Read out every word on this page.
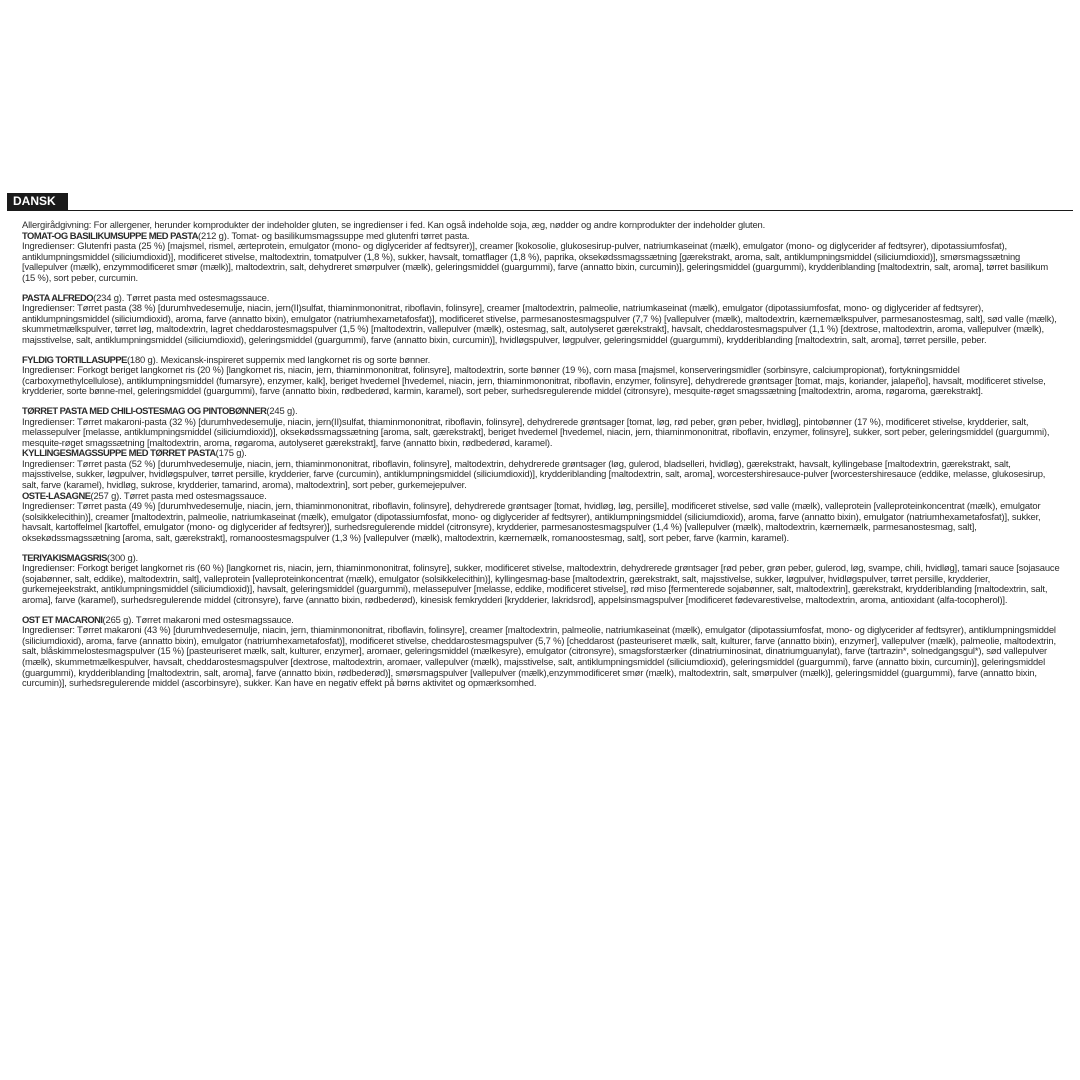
DANSK

Allergirådgivning: For allergener, herunder kornprodukter der indeholder gluten, se ingredienser i fed. Kan også indeholde soja, æg, nødder og andre kornprodukter der indeholder gluten.

TOMAT-OG BASILIKUMSUPPE MED PASTA(212 g). Tomat- og basilikumsmagssuppe med glutenfri tørret pasta.

Ingredienser: Glutenfri pasta (25 %) [majsmel, rismel, ærteprotein, emulgator (mono- og diglycerider af fedtsyrer)], creamer [kokosolie, glukosesirup-pulver, natriumkaseinat (mælk), emulgator (mono- og diglycerider af fedtsyrer), dipotassiumfosfat), antiklumpningsmiddel (siliciumdioxid)], modificeret stivelse, maltodextrin, tomatpulver (1,8 %), sukker, havsalt, tomatflager (1,8 %), paprika, oksekødssmagssætning [gærekstrakt, aroma, salt, antiklumpningsmiddel (siliciumdioxid)], smørsmagssætning [vallepulver (mælk), enzymmodificeret smør (mælk)], maltodextrin, salt, dehydreret smørpulver (mælk), geleringsmiddel (guargummi), farve (annatto bixin, curcumin)], geleringsmiddel (guargummi), krydderiblanding [maltodextrin, salt, aroma], tørret basilikum (15 %), sort peber, curcumin.

PASTA ALFREDO(234 g). Tørret pasta med ostesmagssauce.

Ingredienser: Tørret pasta (38 %) [durumhvedesemulje, niacin, jern(II)sulfat, thiaminmononitrat, riboflavin, folinsyre], creamer [maltodextrin, palmeolie, natriumkaseinat (mælk), emulgator (dipotassiumfosfat, mono- og diglycerider af fedtsyrer), antiklumpningsmiddel (siliciumdioxid), aroma, farve (annatto bixin), emulgator (natriumhexametafosfat)], modificeret stivelse, parmesanostesmagspulver (7,7 %) [vallepulver (mælk), maltodextrin, kærnemælkspulver, parmesanostesmag, salt], sød valle (mælk), skummetmælkspulver, tørret løg, maltodextrin, lagret cheddarostesmagspulver (1,5 %) [maltodextrin, vallepulver (mælk), ostesmag, salt, autolyseret gærekstrakt], havsalt, cheddarostesmagspulver (1,1 %) [dextrose, maltodextrin, aroma, vallepulver (mælk), majsstivelse, salt, antiklumpningsmiddel (siliciumdioxid), geleringsmiddel (guargummi), farve (annatto bixin, curcumin)], hvidløgspulver, løgpulver, geleringsmiddel (guargummi), krydderiblanding [maltodextrin, salt, aroma], tørret persille, peber.

FYLDIG TORTILLASUPPE(180 g). Mexicansk-inspireret suppemix med langkornet ris og sorte bønner.

Ingredienser: Forkogt beriget langkornet ris (20 %) [langkornet ris, niacin, jern, thiaminmononitrat, folinsyre], maltodextrin, sorte bønner (19 %), corn masa [majsmel, konserveringsmidler (sorbinsyre, calciumpropionat), fortykningsmiddel (carboxymethylcellulose), antiklumpningsmiddel (fumarsyre), enzymer, kalk], beriget hvedemel [hvedemel, niacin, jern, thiaminmononitrat, riboflavin, enzymer, folinsyre], dehydrerede grøntsager [tomat, majs, koriander, jalapeño], havsalt, modificeret stivelse, krydderier, sorte bønne-mel, geleringsmiddel (guargummi), farve (annatto bixin, rødbederød, karmin, karamel), sort peber, surhedsregulerende middel (citronsyre), mesquite-røget smagssætning [maltodextrin, aroma, røgaroma, gærekstrakt].

TØRRET PASTA MED CHILI-OSTESMAG OG PINTOBØNNER(245 g).

Ingredienser: Tørret makaroni-pasta (32 %) [durumhvedesemulje, niacin, jern(II)sulfat, thiaminmononitrat, riboflavin, folinsyre], dehydrerede grøntsager [tomat, løg, rød peber, grøn peber, hvidløg], pintobønner (17 %), modificeret stivelse, krydderier, salt, melassepulver [melasse, antiklumpningsmiddel (siliciumdioxid)], oksekødssmagssætning [aroma, salt, gærekstrakt], beriget hvedemel [hvedemel, niacin, jern, thiaminmononitrat, riboflavin, enzymer, folinsyre], sukker, sort peber, geleringsmiddel (guargummi), mesquite-røget smagssætning [maltodextrin, aroma, røgaroma, autolyseret gærekstrakt], farve (annatto bixin, rødbederød, karamel).

KYLLINGESMAGSSUPPE MED TØRRET PASTA(175 g).

Ingredienser: Tørret pasta (52 %) [durumhvedesemulje, niacin, jern, thiaminmononitrat, riboflavin, folinsyre], maltodextrin, dehydrerede grøntsager (løg, gulerod, bladselleri, hvidløg), gærekstrakt, havsalt, kyllingebase [maltodextrin, gærekstrakt, salt, majsstivelse, sukker, løgpulver, hvidløgspulver, tørret persille, krydderier, farve (curcumin), antiklumpningsmiddel (siliciumdioxid)], krydderiblanding [maltodextrin, salt, aroma], worcestershiresauce-pulver [worcestershiresauce (eddike, melasse, glukosesirup, salt, farve (karamel), hvidløg, sukrose, krydderier, tamarind, aroma), maltodextrin], sort peber, gurkemejepulver.

OSTE-LASAGNE(257 g). Tørret pasta med ostesmagssauce.

Ingredienser: Tørret pasta (49 %) [durumhvedesemulje, niacin, jern, thiaminmononitrat, riboflavin, folinsyre], dehydrerede grøntsager [tomat, hvidløg, løg, persille], modificeret stivelse, sød valle (mælk), valleprotein [valleproteinkoncentrat (mælk), emulgator (solsikkelecithin)], creamer [maltodextrin, palmeolie, natriumkaseinat (mælk), emulgator (dipotassiumfosfat, mono- og diglycerider af fedtsyrer), antiklumpningsmiddel (siliciumdioxid), aroma, farve (annatto bixin), emulgator (natriumhexametafosfat)], sukker, havsalt, kartoffelmel [kartoffel, emulgator (mono- og diglycerider af fedtsyrer)], surhedsregulerende middel (citronsyre), krydderier, parmesanostesmagspulver (1,4 %) [vallepulver (mælk), maltodextrin, kærnemælk, parmesanostesmag, salt], oksekødssmagssætning [aroma, salt, gærekstrakt], romanoostesmagspulver (1,3 %) [vallepulver (mælk), maltodextrin, kærnemælk, romanoostesmag, salt], sort peber, farve (karmin, karamel).

TERIYAKISMAGSRIS(300 g).

Ingredienser: Forkogt beriget langkornet ris (60 %) [langkornet ris, niacin, jern, thiaminmononitrat, folinsyre], sukker, modificeret stivelse, maltodextrin, dehydrerede grøntsager [rød peber, grøn peber, gulerod, løg, svampe, chili, hvidløg], tamari sauce [sojasauce (sojabønner, salt, eddike), maltodextrin, salt], valleprotein [valleproteinkoncentrat (mælk), emulgator (solsikkelecithin)], kyllingesmag-base [maltodextrin, gærekstrakt, salt, majsstivelse, sukker, løgpulver, hvidløgspulver, tørret persille, krydderier, gurkemejeekstrakt, antiklumpningsmiddel (siliciumdioxid)], havsalt, geleringsmiddel (guargummi), melassepulver [melasse, eddike, modificeret stivelse], rød miso [fermenterede sojabønner, salt, maltodextrin], gærekstrakt, krydderiblanding [maltodextrin, salt, aroma], farve (karamel), surhedsregulerende middel (citronsyre), farve (annatto bixin, rødbederød), kinesisk femkrydderi [krydderier, lakridsrod], appelsinsmagspulver [modificeret fødevarestivelse, maltodextrin, aroma, antioxidant (alfa-tocopherol)].

OST ET MACARONI(265 g). Tørret makaroni med ostesmagssauce.

Ingredienser: Tørret makaroni (43 %) [durumhvedesemulje, niacin, jern, thiaminmononitrat, riboflavin, folinsyre], creamer [maltodextrin, palmeolie, natriumkaseinat (mælk), emulgator (dipotassiumfosfat, mono- og diglycerider af fedtsyrer), antiklumpningsmiddel (siliciumdioxid), aroma, farve (annatto bixin), emulgator (natriumhexametafosfat)], modificeret stivelse, cheddarostesmagspulver (5,7 %) [cheddarost (pasteuriseret mælk, salt, kulturer, farve (annatto bixin), enzymer], vallepulver (mælk), palmeolie, maltodextrin, salt, blåskimmelostesmagspulver (15 %) [pasteuriseret mælk, salt, kulturer, enzymer], aromaer, geleringsmiddel (mælkesyre), emulgator (citronsyre), smagsforstærker (dinatriuminosinat, dinatriumguanylat), farve (tartrazin*, solnedgangsgul*), sød vallepulver (mælk), skummetmælkespulver, havsalt, cheddarostesmagspulver [dextrose, maltodextrin, aromaer, vallepulver (mælk), majsstivelse, salt, antiklumpningsmiddel (siliciumdioxid), geleringsmiddel (guargummi), farve (annatto bixin, curcumin)], geleringsmiddel (guargummi), krydderiblanding [maltodextrin, salt, aroma], farve (annatto bixin, rødbederød)], smørsmagspulver [vallepulver (mælk),enzymmodificeret smør (mælk), maltodextrin, salt, smørpulver (mælk)], geleringsmiddel (guargummi), farve (annatto bixin, curcumin)], surhedsregulerende middel (ascorbinsyre), sukker. Kan have en negativ effekt på børns aktivitet og opmærksomhed.
